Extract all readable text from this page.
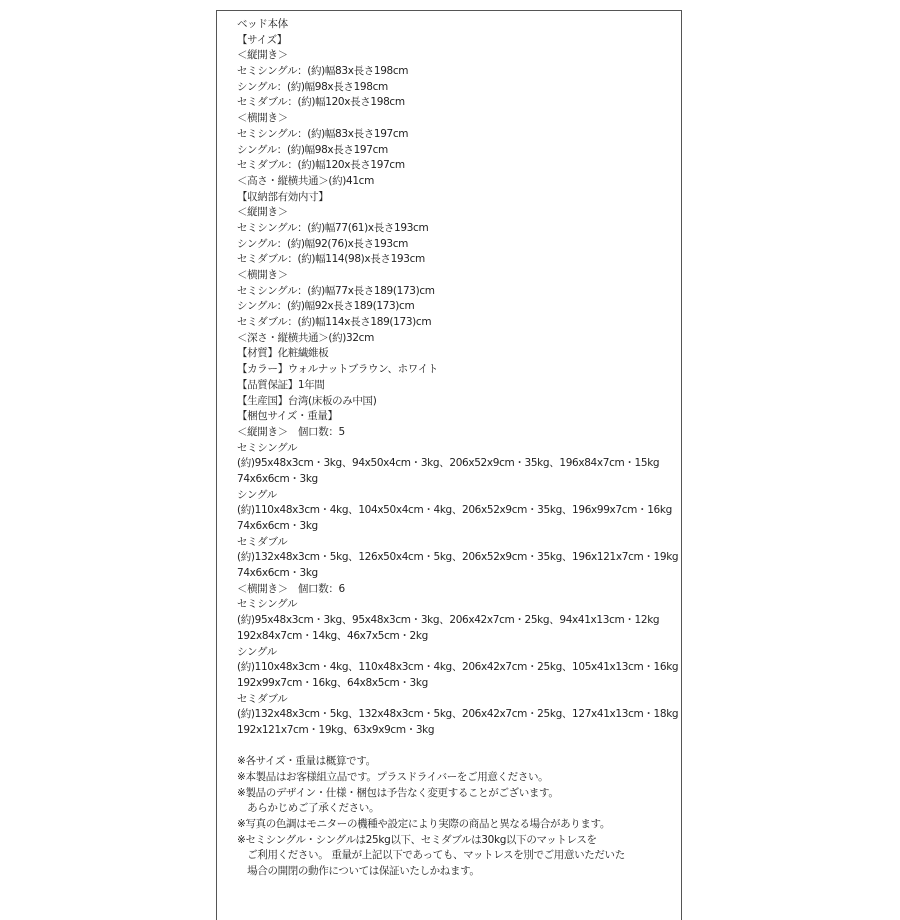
ベッド本体
【サイズ】
＜縦開き＞
セミシングル：(約)幅83x長さ198cm
シングル：(約)幅98x長さ198cm
セミダブル：(約)幅120x長さ198cm
＜横開き＞
セミシングル：(約)幅83x長さ197cm
シングル：(約)幅98x長さ197cm
セミダブル：(約)幅120x長さ197cm
＜高さ・縦横共通＞(約)41cm
【収納部有効内寸】
＜縦開き＞
セミシングル：(約)幅77(61)x長さ193cm
シングル：(約)幅92(76)x長さ193cm
セミダブル：(約)幅114(98)x長さ193cm
＜横開き＞
セミシングル：(約)幅77x長さ189(173)cm
シングル：(約)幅92x長さ189(173)cm
セミダブル：(約)幅114x長さ189(173)cm
＜深さ・縦横共通＞(約)32cm
【材質】化粧繊維板
【カラー】ウォルナットブラウン、ホワイト
【品質保証】1年間
【生産国】台湾(床板のみ中国)
【梱包サイズ・重量】
＜縦開き＞　個口数：5
セミシングル
(約)95x48x3cm・3kg、94x50x4cm・3kg、206x52x9cm・35kg、196x84x7cm・15kg
74x6x6cm・3kg
シングル
(約)110x48x3cm・4kg、104x50x4cm・4kg、206x52x9cm・35kg、196x99x7cm・16kg
74x6x6cm・3kg
セミダブル
(約)132x48x3cm・5kg、126x50x4cm・5kg、206x52x9cm・35kg、196x121x7cm・19kg
74x6x6cm・3kg
＜横開き＞　個口数：6
セミシングル
(約)95x48x3cm・3kg、95x48x3cm・3kg、206x42x7cm・25kg、94x41x13cm・12kg
192x84x7cm・14kg、46x7x5cm・2kg
シングル
(約)110x48x3cm・4kg、110x48x3cm・4kg、206x42x7cm・25kg、105x41x13cm・16kg
192x99x7cm・16kg、64x8x5cm・3kg
セミダブル
(約)132x48x3cm・5kg、132x48x3cm・5kg、206x42x7cm・25kg、127x41x13cm・18kg
192x121x7cm・19kg、63x9x9cm・3kg
※各サイズ・重量は概算です。
※本製品はお客様組立品です。プラスドライバーをご用意ください。
※製品のデザイン・仕様・梱包は予告なく変更することがございます。
　あらかじめご了承ください。
※写真の色調はモニターの機種や設定により実際の商品と異なる場合があります。
※セミシングル・シングルは25kg以下、セミダブルは30kg以下のマットレスを
　ご利用ください。 重量が上記以下であっても、マットレスを別でご用意いただいた
　場合の開閉の動作については保証いたしかねます。
